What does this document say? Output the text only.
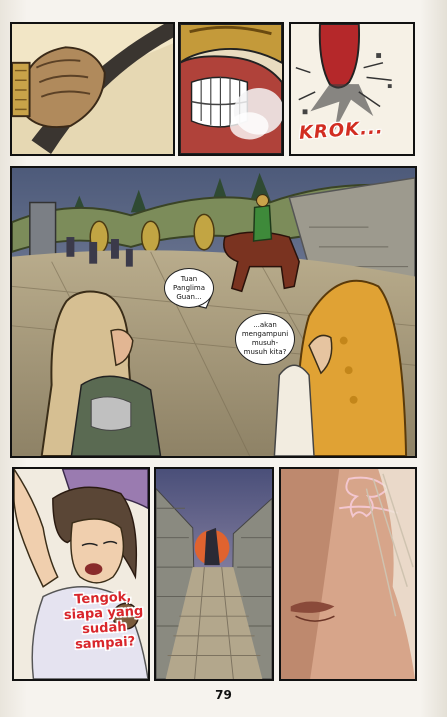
KROK...
Tuan Panglima Guan...
...akan mengampuni musuh-musuh kita?
Tengok,
siapa yang
sudah
sampai?
79
